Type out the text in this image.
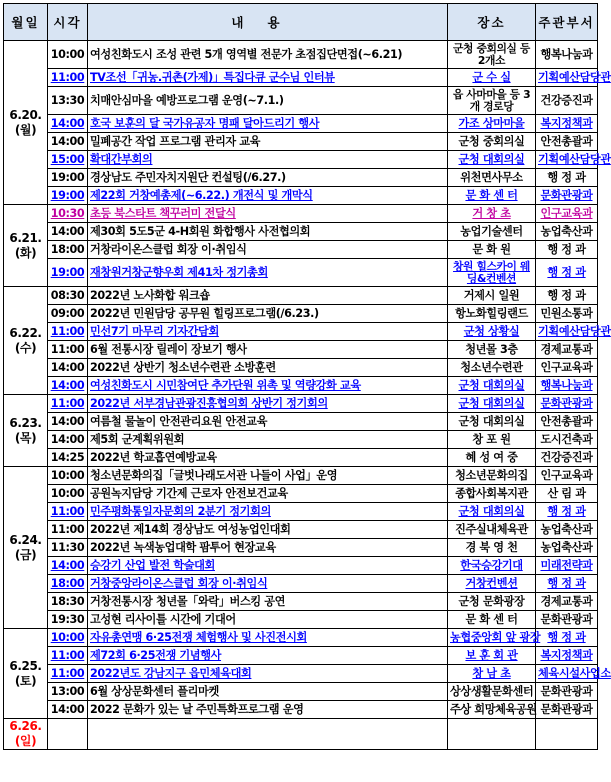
월일	시각	내용	장소	주관부서

6.20.
(월)	10:00	여성친화도시 조성 관련 5개 영역별 전문가 초점집단면접(~6.21)	군청 중회의실 등 2개소	행복나눔과
	11:00	TV조선「귀농.귀촌(가제)」특집다큐 군수님 인터뷰	군 수 실	기획예산담당관
	13:30	치매안심마을 예방프로그램 운영(~7.1.)	읍 사마마을 등 3개 경로당	건강증진과
	14:00	호국 보훈의 달 국가유공자 명패 달아드리기 행사	가조 상마마을	복지정책과
	14:00	밀폐공간 작업 프로그램 관리자 교육	군청 중회의실	안전총괄과
	15:00	확대간부회의	군청 대회의실	기획예산담당관
	19:00	경상남도 주민자치지원단 컨설팅(/6.27.)	위천면사무소	행 정 과
	19:00	제22회 거창예총제(~6.22.) 개전식 및 개막식	문 화 센 터	문화관광과

6.21.
(화)	10:30	초등 북스타트 책꾸러미 전달식	거 창 초	인구교육과
	14:00	제30회 5도5군 4-H회원 화합행사 사전협의회	농업기술센터	농업축산과
	18:00	거창라이온스클럽 회장 이·취임식	문 화 원	행 정 과
	19:00	재창원거창군향우회 제41차 정기총회	창원 힐스카이 웨딩&컨벤션	행 정 과

6.22.
(수)	08:30	2022년 노사화합 워크숍	거제시 일원	행 정 과
	09:00	2022년 민원담당 공무원 힐링프로그램(/6.23.)	항노화힐링랜드	민원소통과
	11:00	민선7기 마무리 기자간담회	군청 상황실	기획예산담당관
	11:00	6월 전통시장 릴레이 장보기 행사	청년몰 3층	경제교통과
	14:00	2022년 상반기 청소년수련관 소방훈련	청소년수련관	인구교육과
	14:00	여성친화도시 시민참여단 추가단원 위촉 및 역량강화 교육	군청 대회의실	행복나눔과

6.23.
(목)	11:00	2022년 서부경남관광진흥협의회 상반기 정기회의	군청 대회의실	문화관광과
	14:00	여름철 물놀이 안전관리요원 안전교육	군청 대회의실	안전총괄과
	14:00	제5회 군계획위원회	창 포 원	도시건축과
	14:25	2022년 학교흡연예방교육	혜 성 여 중	건강증진과

6.24.
(금)	10:00	청소년문화의집「글벗나래도서관 나들이 사업」운영	청소년문화의집	인구교육과
	10:00	공원녹지담당 기간제 근로자 안전보건교육	종합사회복지관	산 림 과
	11:00	민주평화통일자문회의 2분기 정기회의	군청 대회의실	행 정 과
	11:00	2022년 제14회 경상남도 여성농업인대회	진주실내체육관	농업축산과
	11:30	2022년 녹색농업대학 팜투어 현장교육	경 북 영 천	농업축산과
	14:00	승강기 산업 발전 학술대회	한국승강기대	미래전략과
	18:00	거창중앙라이온스클럽 회장 이·취임식	거창컨벤션	행 정 과
	18:30	거창전통시장 청년몰「와락」버스킹 공연	군청 문화광장	경제교통과
	19:30	고성현 리사이틀 시간에 기대어	문 화 센 터	문화관광과

6.25.
(토)	10:00	자유총연맹 6·25전쟁 체험행사 및 사진전시회	농협중앙회 앞 광장	행 정 과
	11:00	제72회 6·25전쟁 기념행사	보 훈 회 관	복지정책과
	11:00	2022년도 강남지구 읍민체육대회	창 남 초	체육시설사업소
	13:00	6월 상상문화센터 플리마켓	상상생활문화센터	문화관광과
	14:00	2022 문화가 있는 날 주민특화프로그램 운영	주상 희망체육공원	문화관광과

6.26.
(일)				
